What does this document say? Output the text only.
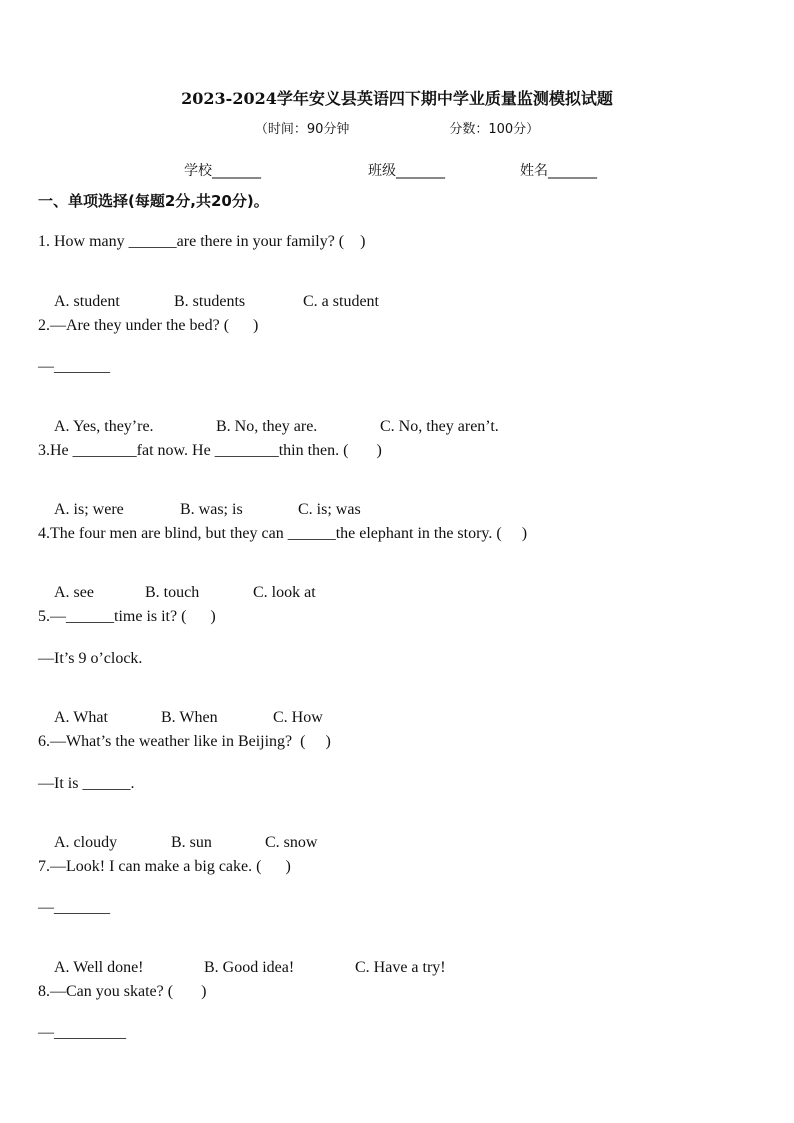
2023-2024学年安义县英语四下期中学业质量监测模拟试题
（时间：90分钟	分数：100分）
学校_______	班级_______	姓名_______
一、单项选择(每题2分,共20分)。
1. How many ______are there in your family? (    )

A. student	B. students	C. a student

2.—Are they under the bed? (      )
—_______

A. Yes, they’re.	B. No, they are.	C. No, they aren’t.

3.He ________fat now. He ________thin then. (       )

A. is; were	B. was; is	C. is; was

4.The four men are blind, but they can ______the elephant in the story. (     )

A. see	B. touch	C. look at

5.—______time is it? (      )
—It’s 9 o’clock.

A. What	B. When	C. How

6.—What’s the weather like in Beijing?  (     )
—It is ______.

A. cloudy	B. sun	C. snow

7.—Look! I can make a big cake. (      )
—_______

A. Well done!	B. Good idea!	C. Have a try!

8.—Can you skate? (       )
—_________
